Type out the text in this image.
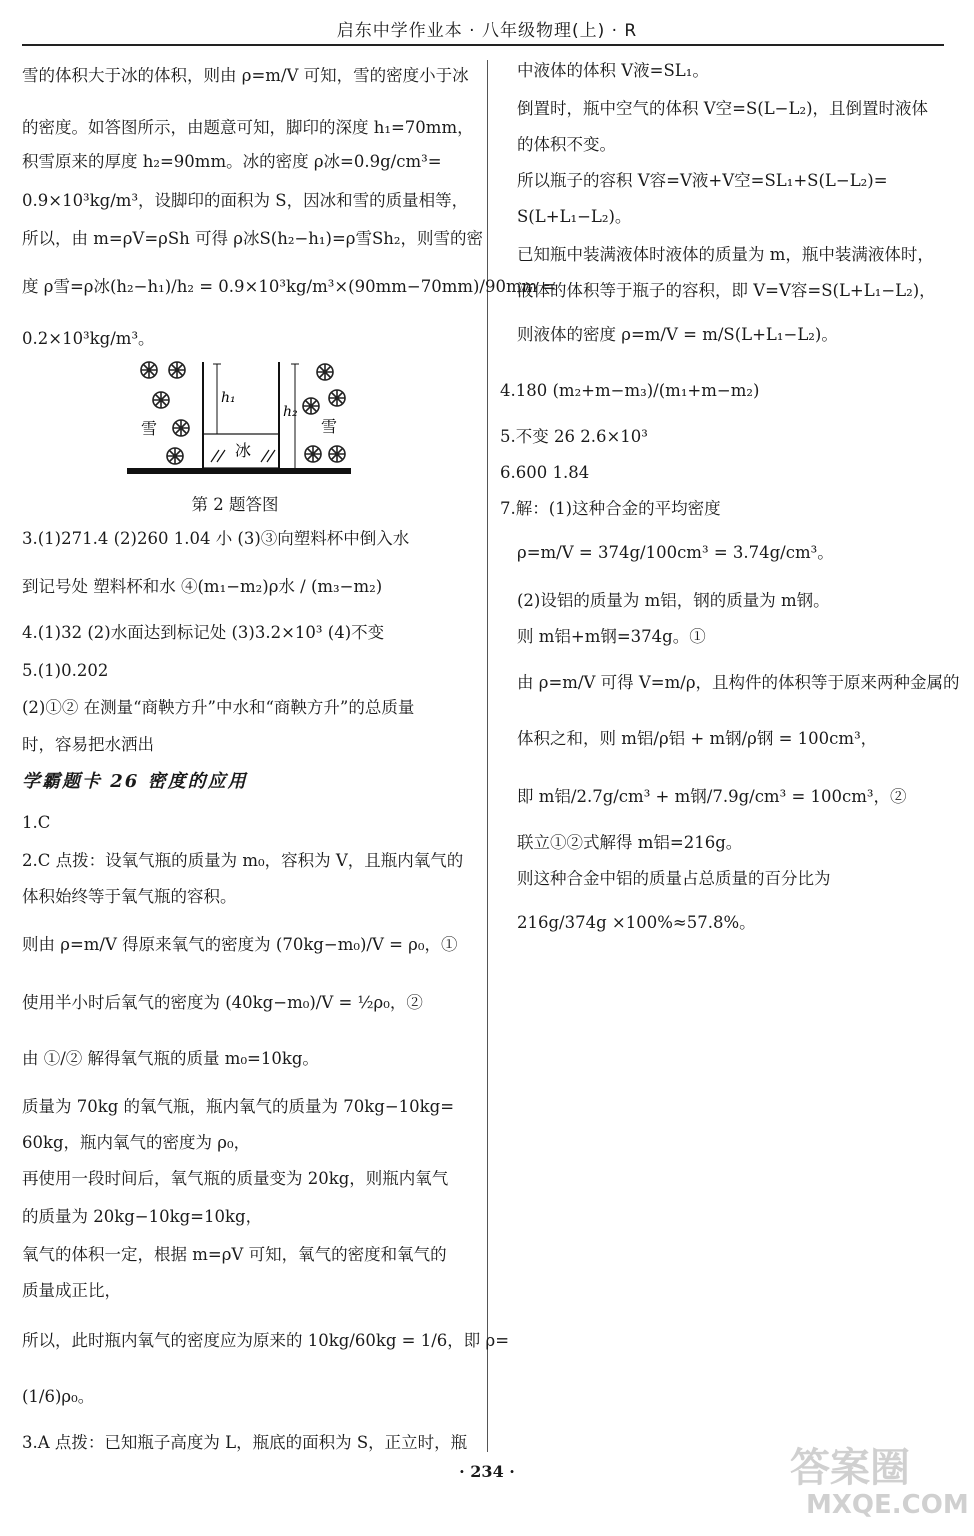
启东中学作业本 · 八年级物理(上) · R
雪的体积大于冰的体积，则由 ρ=m/V 可知，雪的密度小于冰
的密度。如答图所示，由题意可知，脚印的深度 h₁=70mm，
积雪原来的厚度 h₂=90mm。冰的密度 ρ冰=0.9g/cm³=
0.9×10³kg/m³，设脚印的面积为 S，因冰和雪的质量相等，
所以，由 m=ρV=ρSh 可得 ρ冰S(h₂−h₁)=ρ雪Sh₂，则雪的密
度 ρ雪=ρ冰(h₂−h₁)/h₂ = 0.9×10³kg/m³×(90mm−70mm)/90mm =
0.2×10³kg/m³。
h₁
h₂
冰
雪	雪
第 2 题答图
3.(1)271.4 (2)260 1.04 小 (3)③向塑料杯中倒入水
到记号处 塑料杯和水 ④(m₁−m₂)ρ水 / (m₃−m₂)
4.(1)32 (2)水面达到标记处 (3)3.2×10³ (4)不变
5.(1)0.202
(2)①② 在测量“商鞅方升”中水和“商鞅方升”的总质量
时，容易把水洒出
学霸题卡 26 密度的应用
1.C
2.C 点拨：设氧气瓶的质量为 m₀，容积为 V，且瓶内氧气的
体积始终等于氧气瓶的容积。
则由 ρ=m/V 得原来氧气的密度为 (70kg−m₀)/V = ρ₀，①
使用半小时后氧气的密度为 (40kg−m₀)/V = ½ρ₀，②
由 ①/② 解得氧气瓶的质量 m₀=10kg。
质量为 70kg 的氧气瓶，瓶内氧气的质量为 70kg−10kg=
60kg，瓶内氧气的密度为 ρ₀，
再使用一段时间后，氧气瓶的质量变为 20kg，则瓶内氧气
的质量为 20kg−10kg=10kg，
氧气的体积一定，根据 m=ρV 可知，氧气的密度和氧气的
质量成正比，
所以，此时瓶内氧气的密度应为原来的 10kg/60kg = 1/6，即 ρ=
(1/6)ρ₀。
3.A 点拨：已知瓶子高度为 L，瓶底的面积为 S，正立时，瓶
中液体的体积 V液=SL₁。
倒置时，瓶中空气的体积 V空=S(L−L₂)，且倒置时液体
的体积不变。
所以瓶子的容积 V容=V液+V空=SL₁+S(L−L₂)=
S(L+L₁−L₂)。
已知瓶中装满液体时液体的质量为 m，瓶中装满液体时，
液体的体积等于瓶子的容积，即 V=V容=S(L+L₁−L₂)，
则液体的密度 ρ=m/V = m/S(L+L₁−L₂)。
4.180 (m₂+m−m₃)/(m₁+m−m₂)
5.不变 26 2.6×10³
6.600 1.84
7.解：(1)这种合金的平均密度
ρ=m/V = 374g/100cm³ = 3.74g/cm³。
(2)设铝的质量为 m铝，钢的质量为 m钢。
则 m铝+m钢=374g。①
由 ρ=m/V 可得 V=m/ρ，且构件的体积等于原来两种金属的
体积之和，则 m铝/ρ铝 + m钢/ρ钢 = 100cm³，
即 m铝/2.7g/cm³ + m钢/7.9g/cm³ = 100cm³，②
联立①②式解得 m铝=216g。
则这种合金中铝的质量占总质量的百分比为
216g/374g ×100%≈57.8%。
· 234 ·	答案圈
MXQE.COM
